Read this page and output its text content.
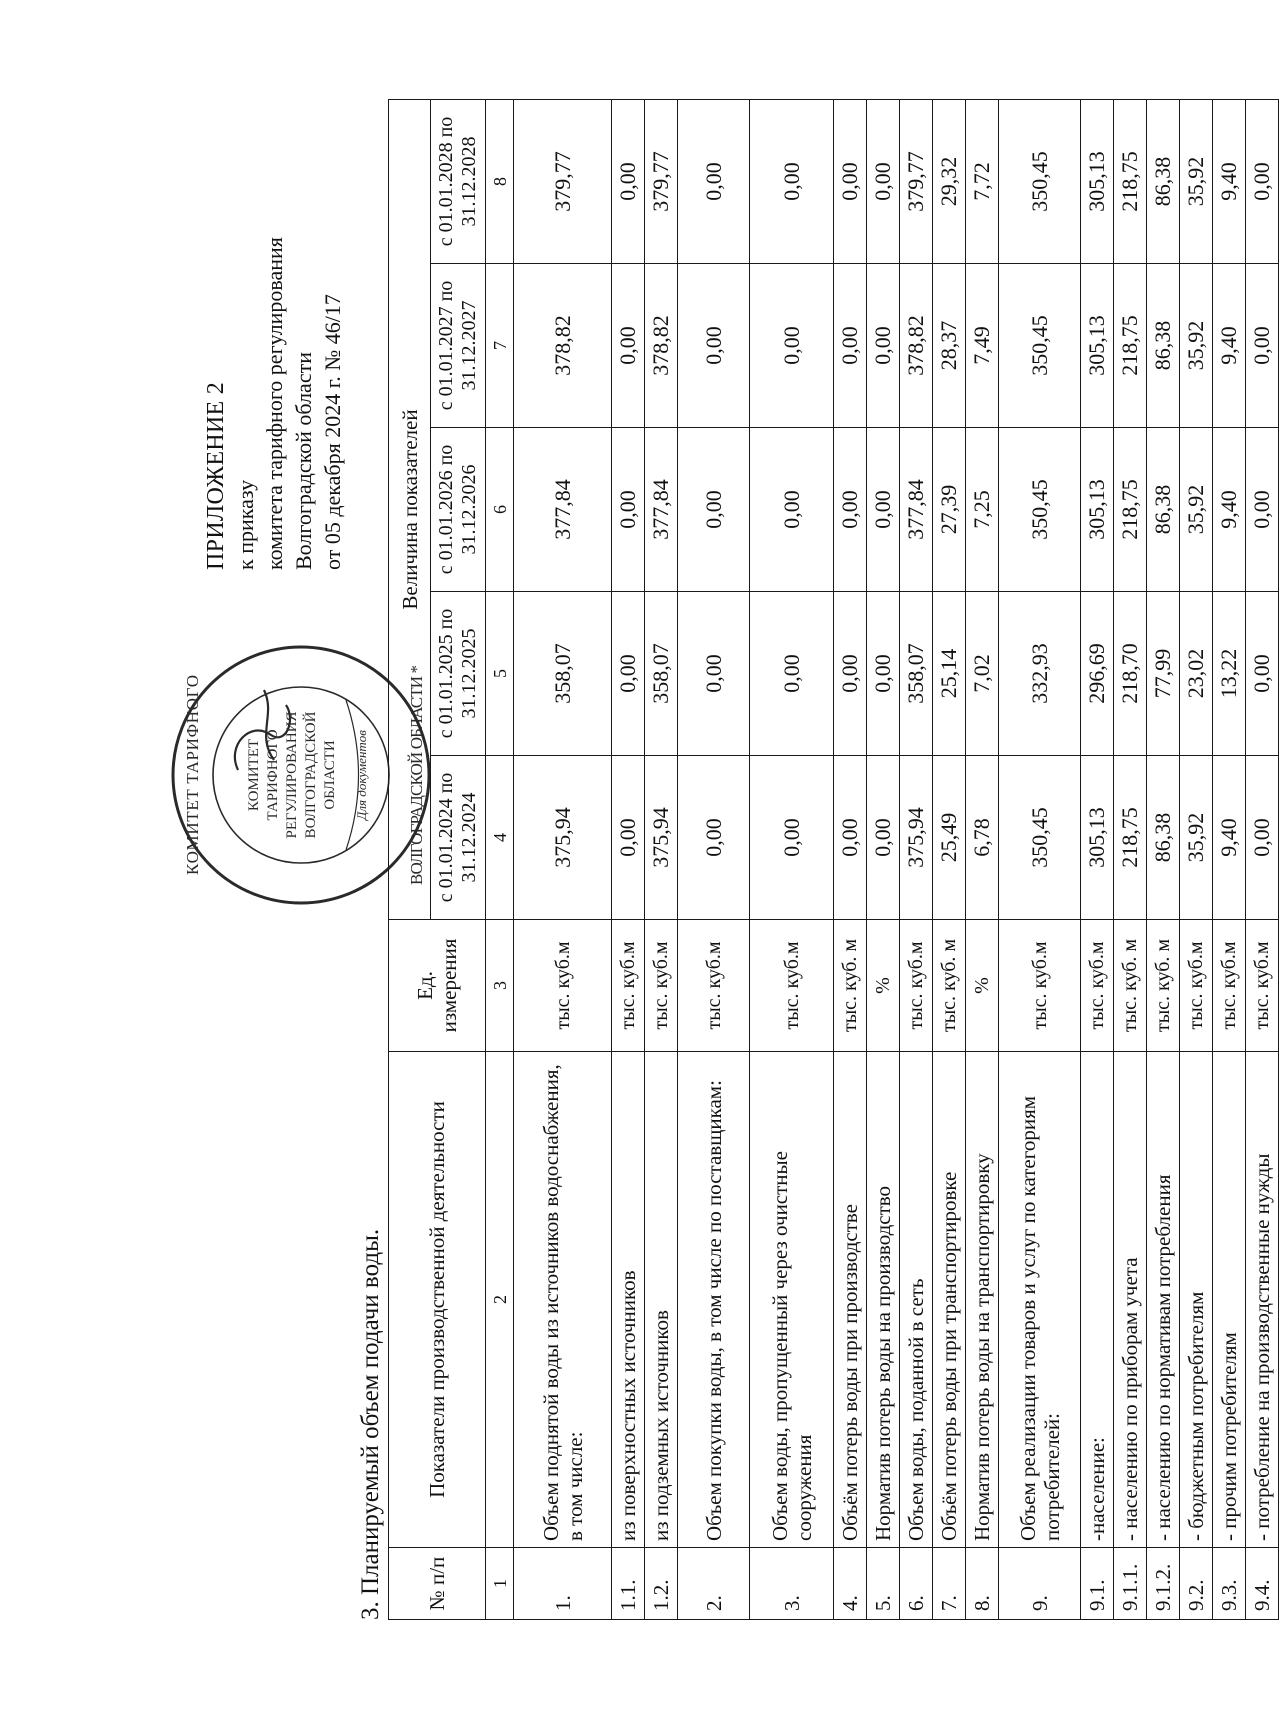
КОМИТЕТ ТАРИФНОГО РЕГУЛИРОВАНИЯ ВОЛГОГРАДСКОЙ ОБЛАСТИ Для документов
КОМИТЕТ ТАРИФНОГО
ВОЛГОГРАДСКОЙ ОБЛАСТИ *
ПРИЛОЖЕНИЕ 2 к приказу комитета тарифного регулирования Волгоградской области от 05 декабря 2024 г. № 46/17
3. Планируемый объем подачи воды. № п/п	Показатели производственной деятельности	Ед. измерения	Величина показателей				
			с 01.01.2024 по 31.12.2024	с 01.01.2025 по 31.12.2025	с 01.01.2026 по 31.12.2026	с 01.01.2027 по 31.12.2027	с 01.01.2028 по 31.12.2028
1	2	3	4	5	6	7	8
1.	Объем поднятой воды из источников водоснабжения, в том числе:	тыс. куб.м	375,94	358,07	377,84	378,82	379,77
1.1.	из поверхностных источников	тыс. куб.м	0,00	0,00	0,00	0,00	0,00
1.2.	из подземных источников	тыс. куб.м	375,94	358,07	377,84	378,82	379,77
2.	Объем покупки воды, в том числе по поставщикам:	тыс. куб.м	0,00	0,00	0,00	0,00	0,00
3.	Объем воды, пропущенный через очистные сооружения	тыс. куб.м	0,00	0,00	0,00	0,00	0,00
4.	Объём потерь воды при производстве	тыс. куб. м	0,00	0,00	0,00	0,00	0,00
5.	Норматив потерь воды на производство	%	0,00	0,00	0,00	0,00	0,00
6.	Объем воды, поданной в сеть	тыс. куб.м	375,94	358,07	377,84	378,82	379,77
7.	Объём потерь воды при транспортировке	тыс. куб. м	25,49	25,14	27,39	28,37	29,32
8.	Норматив потерь воды на транспортировку	%	6,78	7,02	7,25	7,49	7,72
9.	Объем реализации товаров и услуг по категориям потребителей:	тыс. куб.м	350,45	332,93	350,45	350,45	350,45
9.1.	-население:	тыс. куб.м	305,13	296,69	305,13	305,13	305,13
9.1.1.	- населению по приборам учета	тыс. куб. м	218,75	218,70	218,75	218,75	218,75
9.1.2.	- населению по нормативам потребления	тыс. куб. м	86,38	77,99	86,38	86,38	86,38
9.2.	- бюджетным потребителям	тыс. куб.м	35,92	23,02	35,92	35,92	35,92
9.3.	- прочим потребителям	тыс. куб.м	9,40	13,22	9,40	9,40	9,40
9.4.	- потребление на производственные нужды	тыс. куб.м	0,00	0,00	0,00	0,00	0,00
